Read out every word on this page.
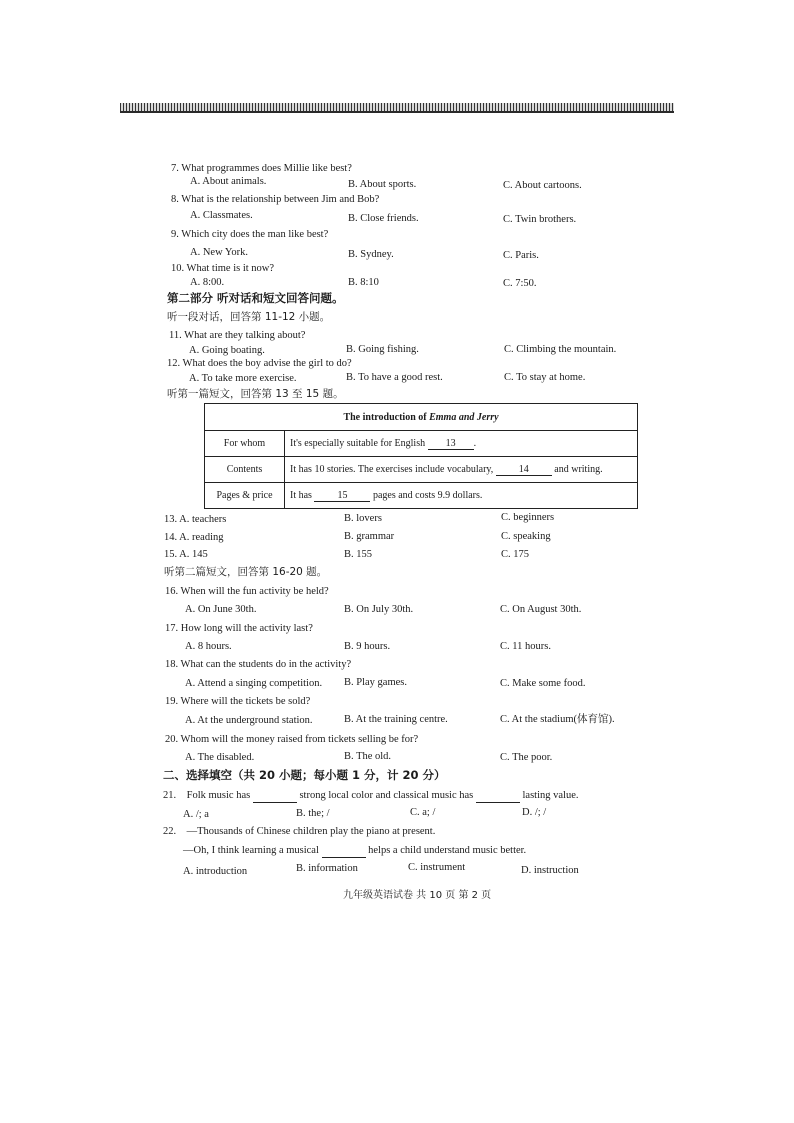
7. What programmes does Millie like best?
A. About animals.	B. About sports.	C. About cartoons.
8. What is the relationship between Jim and Bob?
A. Classmates.	B. Close friends.	C. Twin brothers.
9. Which city does the man like best?
A. New York.	B. Sydney.	C. Paris.
10. What time is it now?
A. 8:00.	B. 8:10	C. 7:50.
第二部分 听对话和短文回答问题。
听一段对话，回答第 11-12 小题。
11. What are they talking about?
A. Going boating.	B. Going fishing.	C. Climbing the mountain.
12. What does the boy advise the girl to do?
A. To take more exercise.	B. To have a good rest.	C. To stay at home.
听第一篇短文，回答第 13 至 15 题。
The introduction of Emma and Jerry	
For whom	It's especially suitable for English 13 .
Contents	It has 10 stories. The exercises include vocabulary, 14 and writing.
Pages & price	It has 15 pages and costs 9.9 dollars.
13. A. teachers	B. lovers	C. beginners
14. A. reading	B. grammar	C. speaking
15. A. 145	B. 155	C. 175
听第二篇短文，回答第 16-20 题。
16. When will the fun activity be held?
A. On June 30th.	B. On July 30th.	C. On August 30th.
17. How long will the activity last?
A. 8 hours.	B. 9 hours.	C. 11 hours.
18. What can the students do in the activity?
A. Attend a singing competition. B. Play games.	C. Make some food.
19. Where will the tickets be sold?
A. At the underground station.	B. At the training centre.	C. At the stadium(体育馆).
20. Whom will the money raised from tickets selling be for?
A. The disabled.	B. The old.	C. The poor.
二、选择填空（共 20 小题；每小题 1 分，计 20 分）
21. Folk music has	strong local color and classical music has	lasting value.
A. /; a	B. the; /	C. a; /	D. /; /
22. —Thousands of Chinese children play the piano at present.
—Oh, I think learning a musical	helps a child understand music better.
A. introduction	B. information	C. instrument	D. instruction
九年级英语试卷 共 10 页 第 2 页
